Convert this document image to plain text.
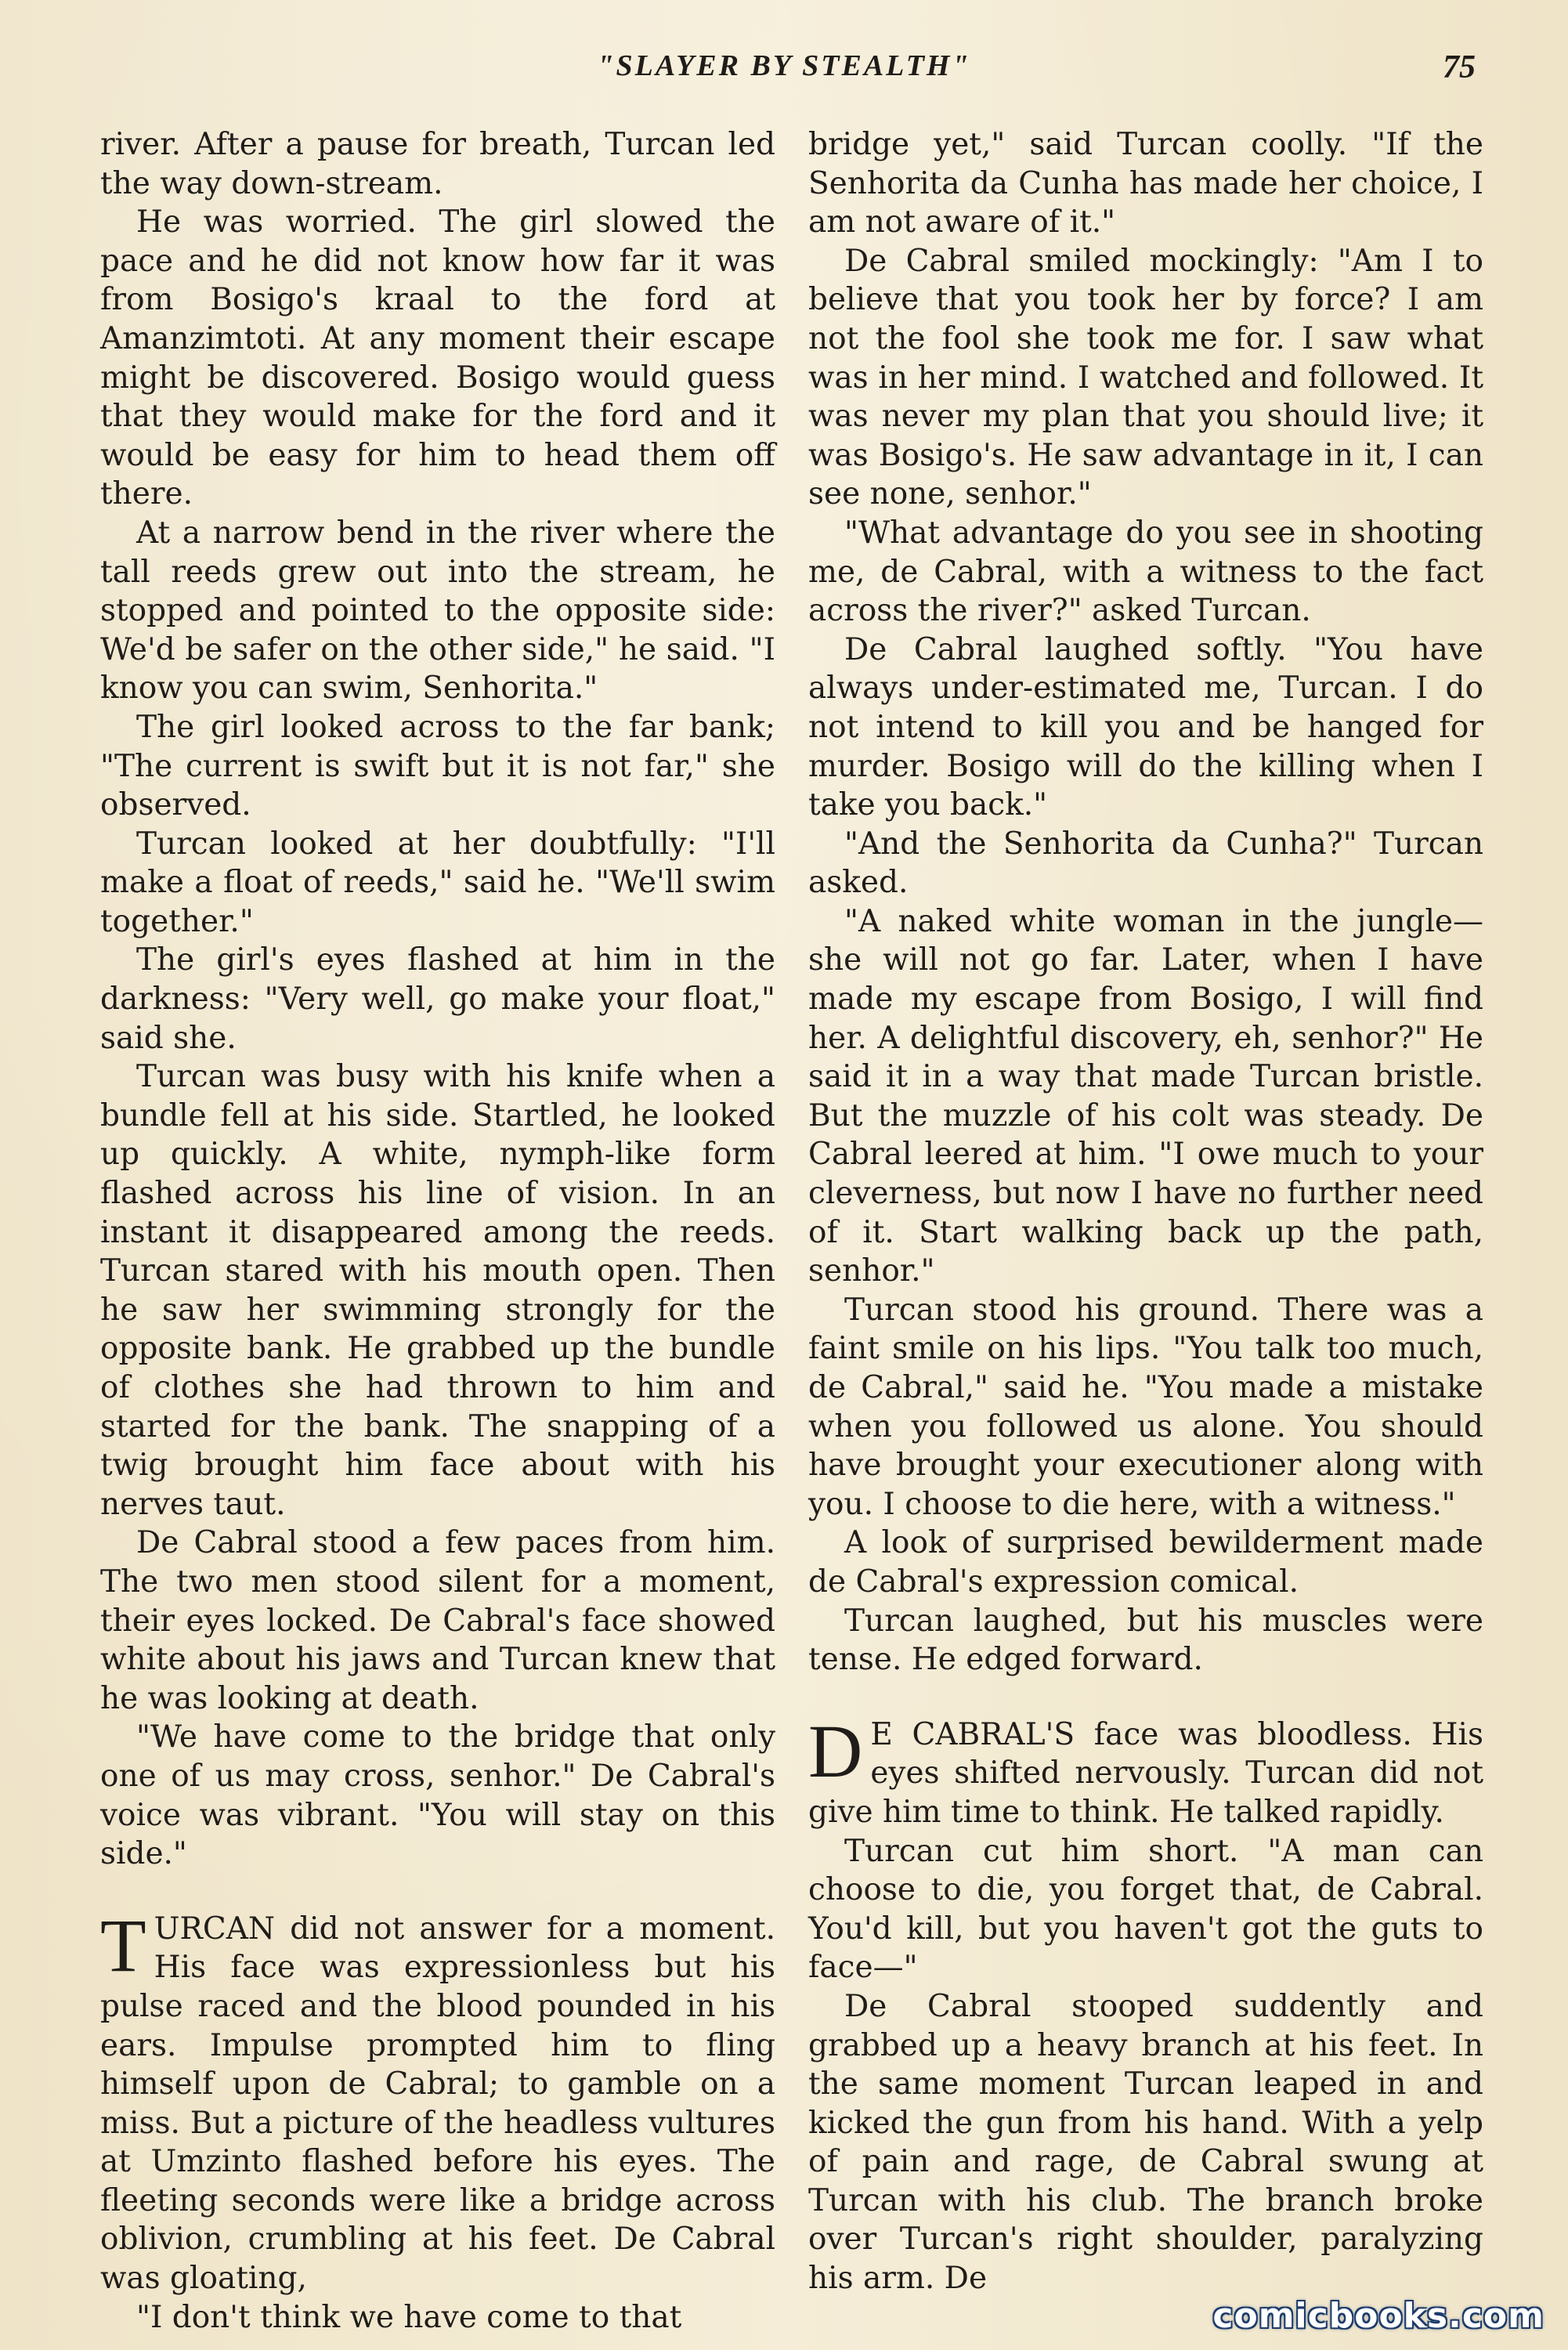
"SLAYER BY STEALTH"	75

river. After a pause for breath, Turcan led the way down-stream.

He was worried. The girl slowed the pace and he did not know how far it was from Bosigo's kraal to the ford at Amanzimtoti. At any moment their escape might be discovered. Bosigo would guess that they would make for the ford and it would be easy for him to head them off there.

At a narrow bend in the river where the tall reeds grew out into the stream, he stopped and pointed to the opposite side: We'd be safer on the other side," he said. "I know you can swim, Senhorita."

The girl looked across to the far bank; "The current is swift but it is not far," she observed.

Turcan looked at her doubtfully: "I'll make a float of reeds," said he. "We'll swim together."

The girl's eyes flashed at him in the darkness: "Very well, go make your float," said she.

Turcan was busy with his knife when a bundle fell at his side. Startled, he looked up quickly. A white, nymph-like form flashed across his line of vision. In an instant it disappeared among the reeds. Turcan stared with his mouth open. Then he saw her swimming strongly for the opposite bank. He grabbed up the bundle of clothes she had thrown to him and started for the bank. The snapping of a twig brought him face about with his nerves taut.

De Cabral stood a few paces from him. The two men stood silent for a moment, their eyes locked. De Cabral's face showed white about his jaws and Turcan knew that he was looking at death.

"We have come to the bridge that only one of us may cross, senhor." De Cabral's voice was vibrant. "You will stay on this side."

TURCAN did not answer for a moment. His face was expressionless but his pulse raced and the blood pounded in his ears. Impulse prompted him to fling himself upon de Cabral; to gamble on a miss. But a picture of the headless vultures at Umzinto flashed before his eyes. The fleeting seconds were like a bridge across oblivion, crumbling at his feet. De Cabral was gloating,

"I don't think we have come to that

bridge yet," said Turcan coolly. "If the Senhorita da Cunha has made her choice, I am not aware of it."

De Cabral smiled mockingly: "Am I to believe that you took her by force? I am not the fool she took me for. I saw what was in her mind. I watched and followed. It was never my plan that you should live; it was Bosigo's. He saw advantage in it, I can see none, senhor."

"What advantage do you see in shooting me, de Cabral, with a witness to the fact across the river?" asked Turcan.

De Cabral laughed softly. "You have always under-estimated me, Turcan. I do not intend to kill you and be hanged for murder. Bosigo will do the killing when I take you back."

"And the Senhorita da Cunha?" Turcan asked.

"A naked white woman in the jungle— she will not go far. Later, when I have made my escape from Bosigo, I will find her. A delightful discovery, eh, senhor?" He said it in a way that made Turcan bristle. But the muzzle of his colt was steady. De Cabral leered at him. "I owe much to your cleverness, but now I have no further need of it. Start walking back up the path, senhor."

Turcan stood his ground. There was a faint smile on his lips. "You talk too much, de Cabral," said he. "You made a mistake when you followed us alone. You should have brought your executioner along with you. I choose to die here, with a witness."

A look of surprised bewilderment made de Cabral's expression comical.

Turcan laughed, but his muscles were tense. He edged forward.

D E CABRAL'S face was bloodless. His eyes shifted nervously. Turcan did not give him time to think. He talked rapidly.

Turcan cut him short. "A man can choose to die, you forget that, de Cabral. You'd kill, but you haven't got the guts to face—"

De Cabral stooped suddently and grabbed up a heavy branch at his feet. In the same moment Turcan leaped in and kicked the gun from his hand. With a yelp of pain and rage, de Cabral swung at Turcan with his club. The branch broke over Turcan's right shoulder, paralyzing his arm. De

comicbooks.com
